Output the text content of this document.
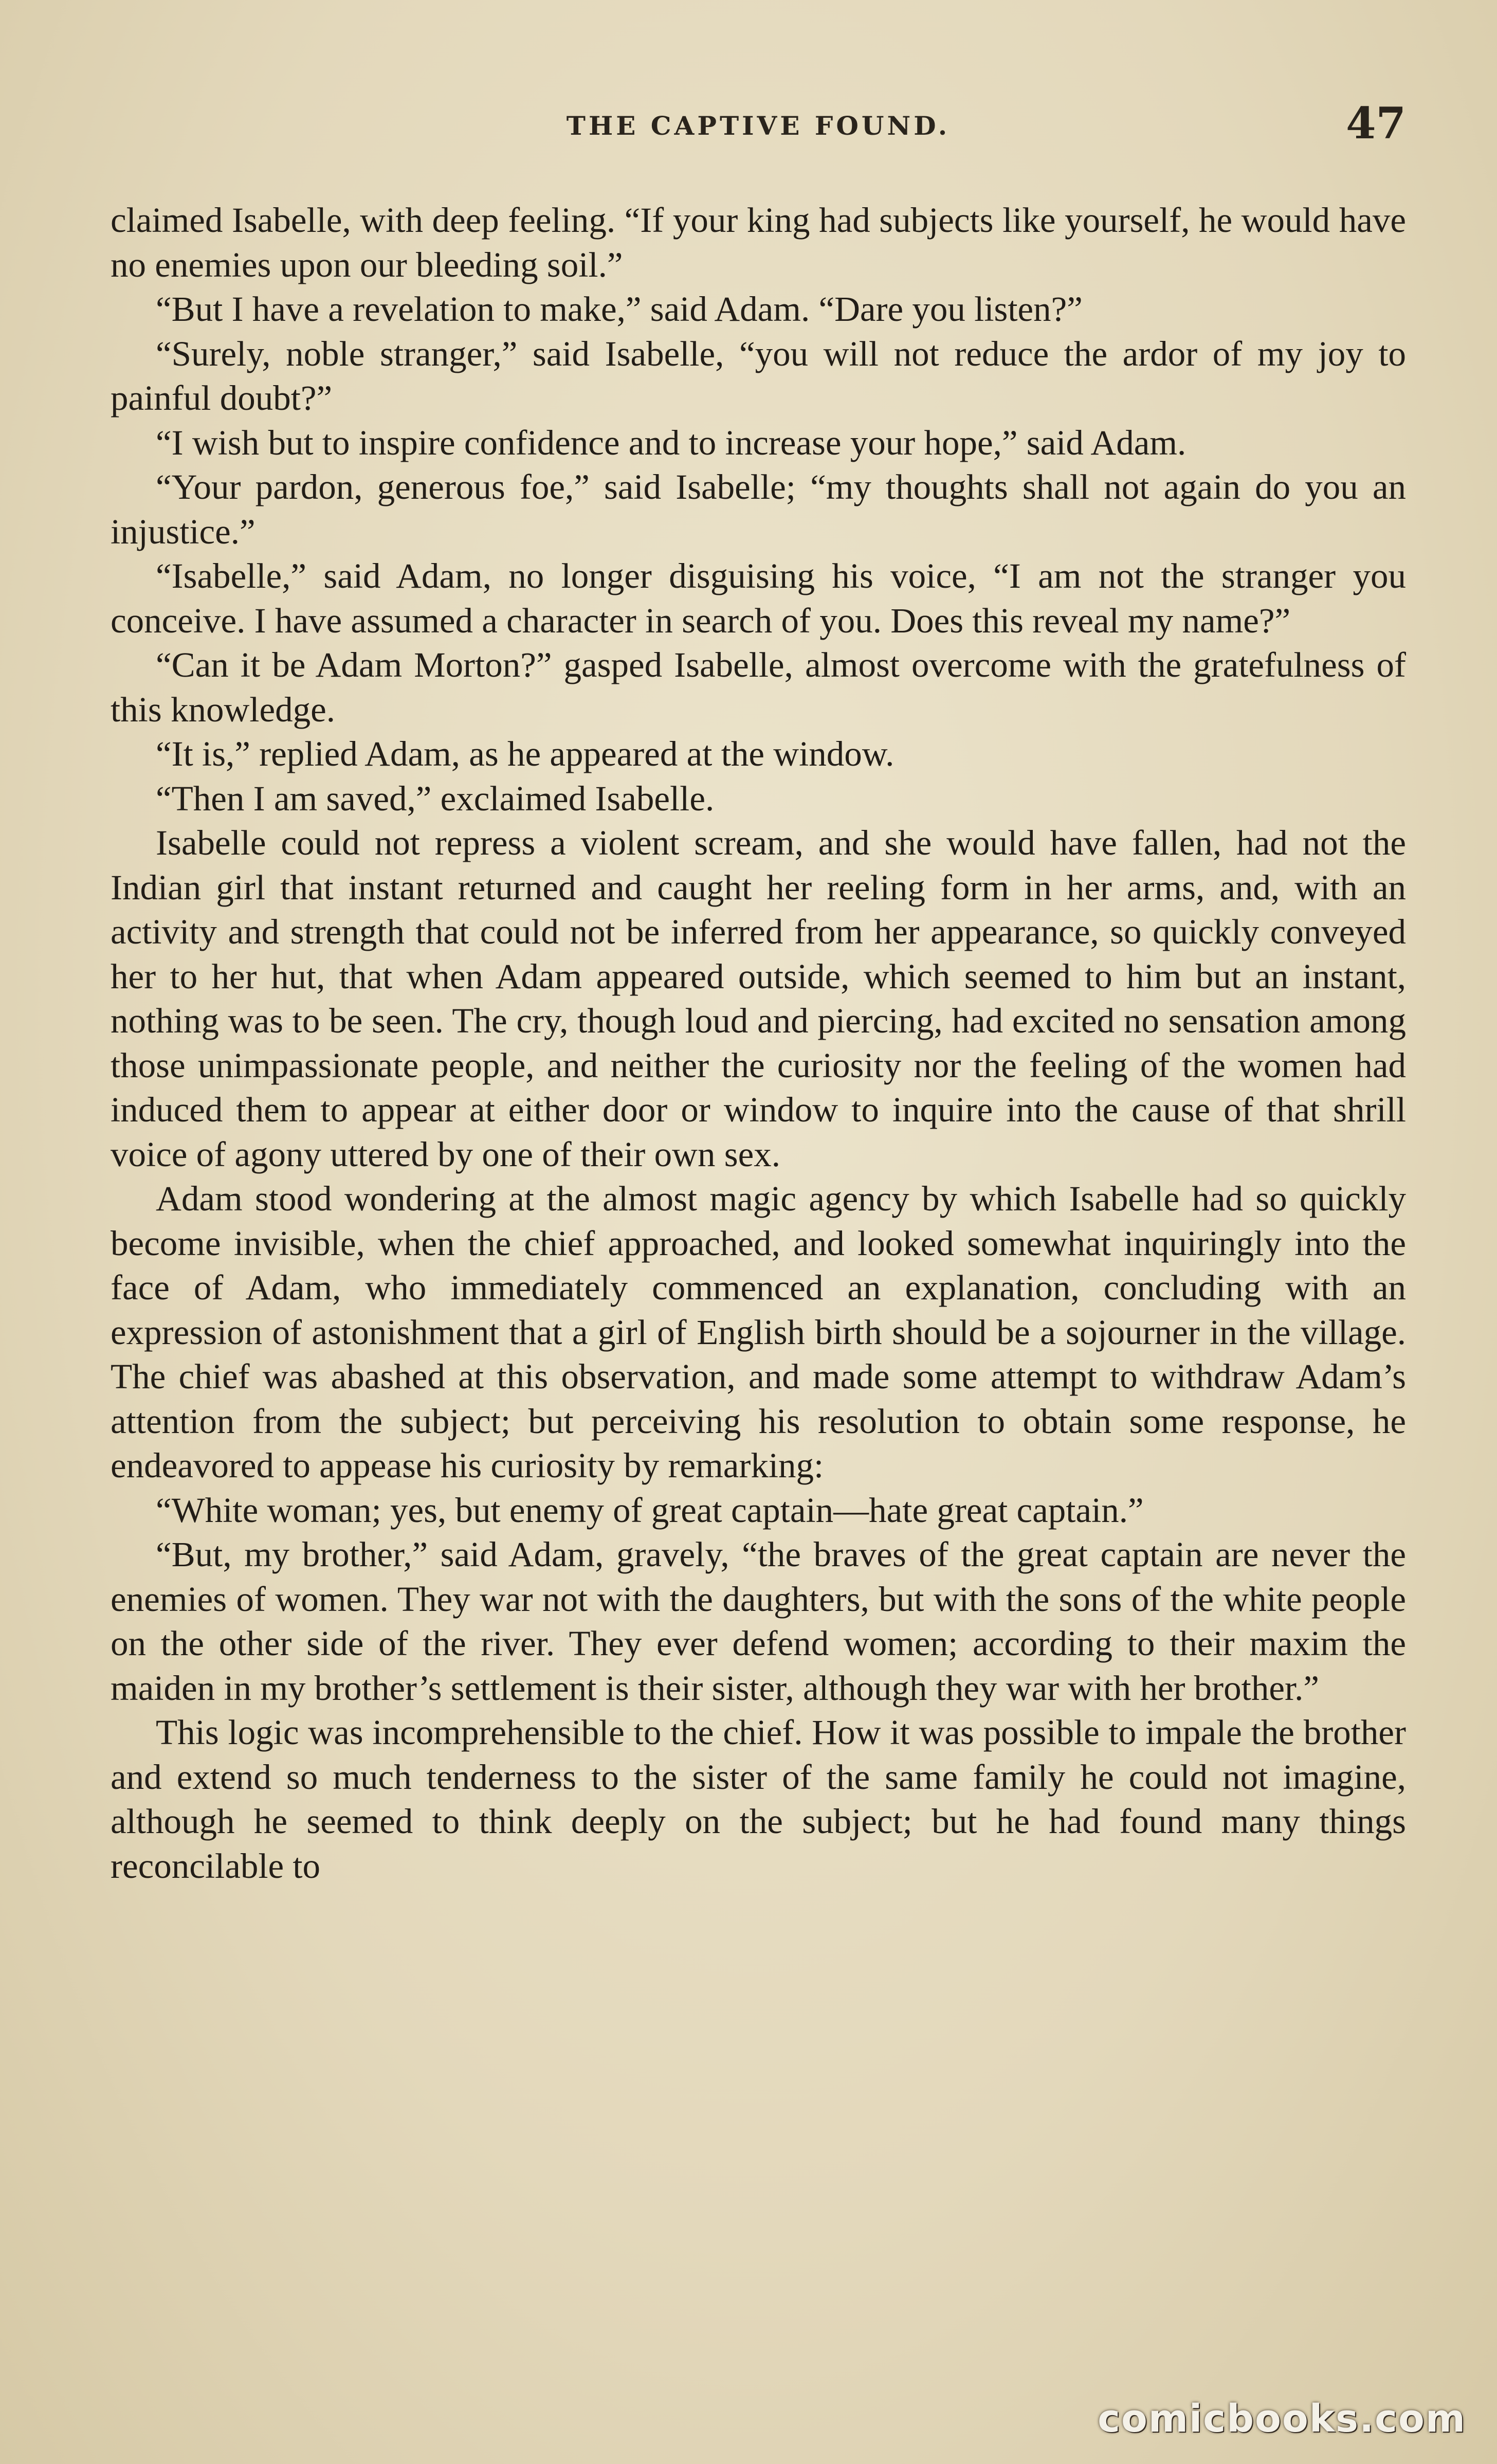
THE CAPTIVE FOUND.	47

claimed Isabelle, with deep feeling. “If your king had subjects like yourself, he would have no enemies upon our bleeding soil.”

“But I have a revelation to make,” said Adam. “Dare you listen?”

“Surely, noble stranger,” said Isabelle, “you will not reduce the ardor of my joy to painful doubt?”

“I wish but to inspire confidence and to increase your hope,” said Adam.

“Your pardon, generous foe,” said Isabelle; “my thoughts shall not again do you an injustice.”

“Isabelle,” said Adam, no longer disguising his voice, “I am not the stranger you conceive. I have assumed a character in search of you. Does this reveal my name?”

“Can it be Adam Morton?” gasped Isabelle, almost overcome with the gratefulness of this knowledge.

“It is,” replied Adam, as he appeared at the window.

“Then I am saved,” exclaimed Isabelle.

Isabelle could not repress a violent scream, and she would have fallen, had not the Indian girl that instant returned and caught her reeling form in her arms, and, with an activity and strength that could not be inferred from her appearance, so quickly conveyed her to her hut, that when Adam appeared outside, which seemed to him but an instant, nothing was to be seen. The cry, though loud and piercing, had excited no sensation among those unimpassionate people, and neither the curiosity nor the feeling of the women had induced them to appear at either door or window to inquire into the cause of that shrill voice of agony uttered by one of their own sex.

Adam stood wondering at the almost magic agency by which Isabelle had so quickly become invisible, when the chief approached, and looked somewhat inquiringly into the face of Adam, who immediately commenced an explanation, concluding with an expression of astonishment that a girl of English birth should be a sojourner in the village. The chief was abashed at this observation, and made some attempt to withdraw Adam’s attention from the subject; but perceiving his resolution to obtain some response, he endeavored to appease his curiosity by remarking:

“White woman; yes, but enemy of great captain—hate great captain.”

“But, my brother,” said Adam, gravely, “the braves of the great captain are never the enemies of women. They war not with the daughters, but with the sons of the white people on the other side of the river. They ever defend women; according to their maxim the maiden in my brother’s settlement is their sister, although they war with her brother.”

This logic was incomprehensible to the chief. How it was possible to impale the brother and extend so much tenderness to the sister of the same family he could not imagine, although he seemed to think deeply on the subject; but he had found many things reconcilable to

comicbooks.com
